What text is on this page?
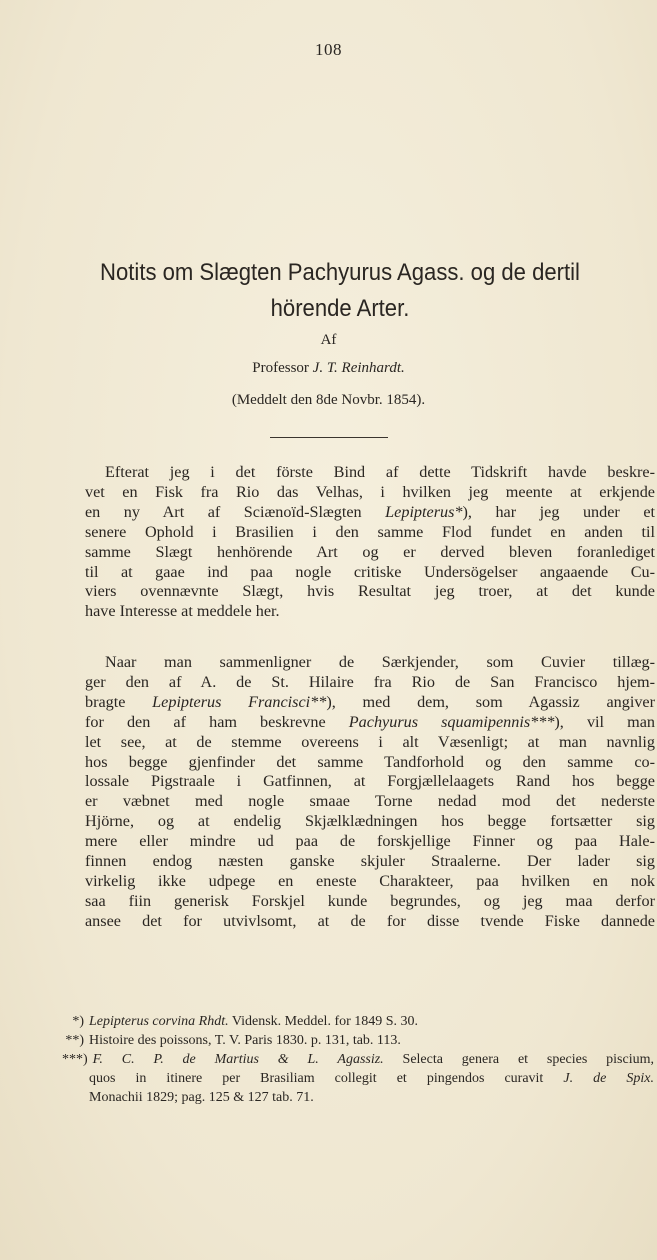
108
Notits om Slægten Pachyurus Agass. og de dertil
hörende Arter.
Af
Professor J. T. Reinhardt.
(Meddelt den 8de Novbr. 1854).
Efterat jeg i det förste Bind af dette Tidskrift havde beskre-
vet en Fisk fra Rio das Velhas, i hvilken jeg meente at erkjende
en ny Art af Sciænoïd-Slægten Lepipterus*), har jeg under et
senere Ophold i Brasilien i den samme Flod fundet en anden til
samme Slægt henhörende Art og er derved bleven foranlediget
til at gaae ind paa nogle critiske Undersögelser angaaende Cu-
viers ovennævnte Slægt, hvis Resultat jeg troer, at det kunde
have Interesse at meddele her.
Naar man sammenligner de Særkjender, som Cuvier tillæg-
ger den af A. de St. Hilaire fra Rio de San Francisco hjem-
bragte Lepipterus Francisci**), med dem, som Agassiz angiver
for den af ham beskrevne Pachyurus squamipennis***), vil man
let see, at de stemme overeens i alt Væsenligt; at man navnlig
hos begge gjenfinder det samme Tandforhold og den samme co-
lossale Pigstraale i Gatfinnen, at Forgjællelaagets Rand hos begge
er væbnet med nogle smaae Torne nedad mod det nederste
Hjörne, og at endelig Skjælklædningen hos begge fortsætter sig
mere eller mindre ud paa de forskjellige Finner og paa Hale-
finnen endog næsten ganske skjuler Straalerne. Der lader sig
virkelig ikke udpege en eneste Charakteer, paa hvilken en nok
saa fiin generisk Forskjel kunde begrundes, og jeg maa derfor
ansee det for utvivlsomt, at de for disse tvende Fiske dannede
*) Lepipterus corvina Rhdt. Vidensk. Meddel. for 1849 S. 30.
**) Histoire des poissons, T. V. Paris 1830. p. 131, tab. 113.
***) F. C. P. de Martius & L. Agassiz. Selecta genera et species piscium,
quos in itinere per Brasiliam collegit et pingendos curavit J. de Spix.
Monachii 1829; pag. 125 & 127 tab. 71.
